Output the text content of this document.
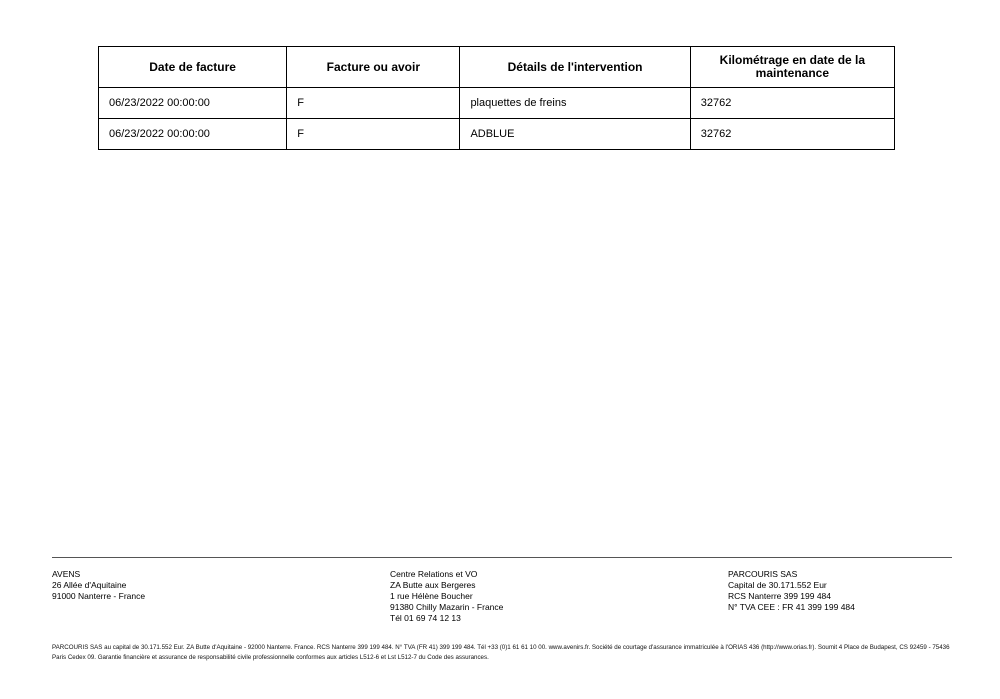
Date de facture	Facture ou avoir	Détails de l'intervention	Kilométrage en date de la maintenance
06/23/2022 00:00:00	F	plaquettes de freins	32762
06/23/2022 00:00:00	F	ADBLUE	32762
AVENS
26 Allée d'Aquitaine
91000 Nanterre - France
Centre Relations et VO
ZA Butte aux Bergeres
1 rue Hélène Boucher
91380 Chilly Mazarin - France
Tél 01 69 74 12 13
PARCOURIS SAS
Capital de 30.171.552 Eur
RCS Nanterre 399 199 484
N° TVA CEE : FR 41 399 199 484
PARCOURIS SAS au capital de 30.171.552 Eur. ZA Butte d'Aquitaine - 92000 Nanterre. France. RCS Nanterre 399 199 484. N° TVA (FR 41) 399 199 484. Tél +33 (0)1 61 61 10 00. www.avenirs.fr. Société de courtage d'assurance immatriculée à l'ORIAS 436 (http://www.orias.fr). Soumit 4 Place de Budapest, CS 92459 - 75436 Paris Cedex 09. Garantie financière et assurance de responsabilité civile professionnelle conformes aux articles L512-6 et Lst L512-7 du Code des assurances.
